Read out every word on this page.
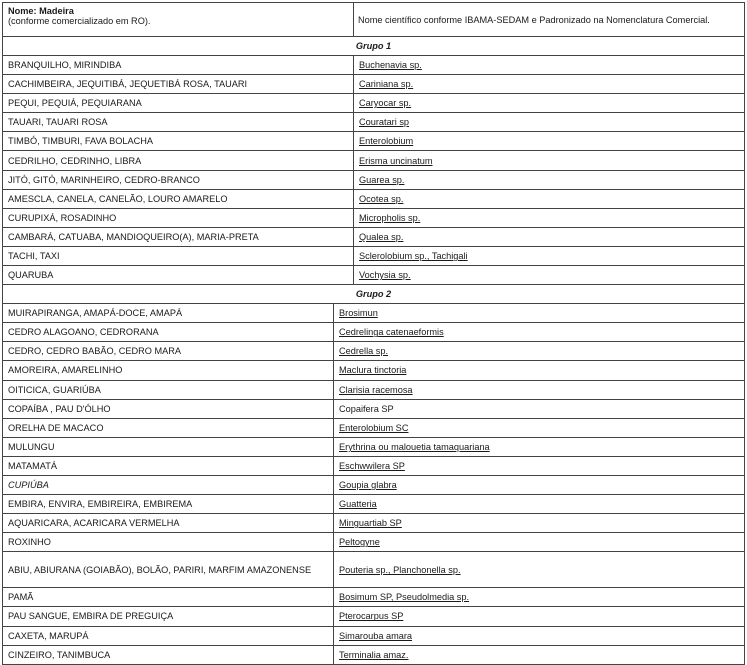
Nome: Madeira
(conforme comercializado em RO).	Nome científico conforme IBAMA-SEDAM e Padronizado na Nomenclatura Comercial.
Grupo 1	
BRANQUILHO, MIRINDIBA	Buchenavia sp.
CACHIMBEIRA, JEQUITIBÁ, JEQUETIBÁ ROSA, TAUARI	Cariniana sp.
PEQUI, PEQUIÁ, PEQUIARANA	Caryocar sp.
TAUARI, TAUARI ROSA	Couratari sp
TIMBÓ, TIMBURI, FAVA BOLACHA	Enterolobium
CEDRILHO, CEDRINHO, LIBRA	Erisma uncinatum
JITÓ, GITÓ, MARINHEIRO, CEDRO-BRANCO	Guarea sp.
AMESCLA, CANELA, CANELÃO, LOURO AMARELO	Ocotea sp.
CURUPIXÁ, ROSADINHO	Micropholis sp.
CAMBARÁ, CATUABA, MANDIOQUEIRO(A), MARIA-PRETA	Qualea sp.
TACHI, TAXI	Sclerolobium sp., Tachigali
QUARUBA	Vochysia sp.
Grupo 2	
MUIRAPIRANGA, AMAPÁ-DOCE, AMAPÁ	Brosimun
CEDRO ALAGOANO, CEDRORANA	Cedrelinga catenaeformis
CEDRO, CEDRO BABÃO, CEDRO MARA	Cedrella sp.
AMOREIRA, AMARELINHO	Maclura tinctoria
OITICICA, GUARIÚBA	Clarisia racemosa
COPAÍBA , PAU D'ÓLHO	Copaifera SP
ORELHA DE MACACO	Enterolobium SC
MULUNGU	Erythrina ou malouetia tamaquariana
MATAMATÁ	Eschwwilera SP
CUPIÚBA	Goupia glabra
EMBIRA, ENVIRA, EMBIREIRA, EMBIREMA	Guatteria
AQUARICARA, ACARICARA VERMELHA	Minguartiab SP
ROXINHO	Peltogyne
ABIU, ABIURANA (GOIABÃO), BOLÃO, PARIRI, MARFIM AMAZONENSE	Pouteria sp., Planchonella sp.
PAMÃ	Bosimum SP, Pseudolmedia sp.
PAU SANGUE, EMBIRA DE PREGUIÇA	Pterocarpus SP
CAXETA, MARUPÁ	Simarouba amara
CINZEIRO, TANIMBUCA	Terminalia amaz.
